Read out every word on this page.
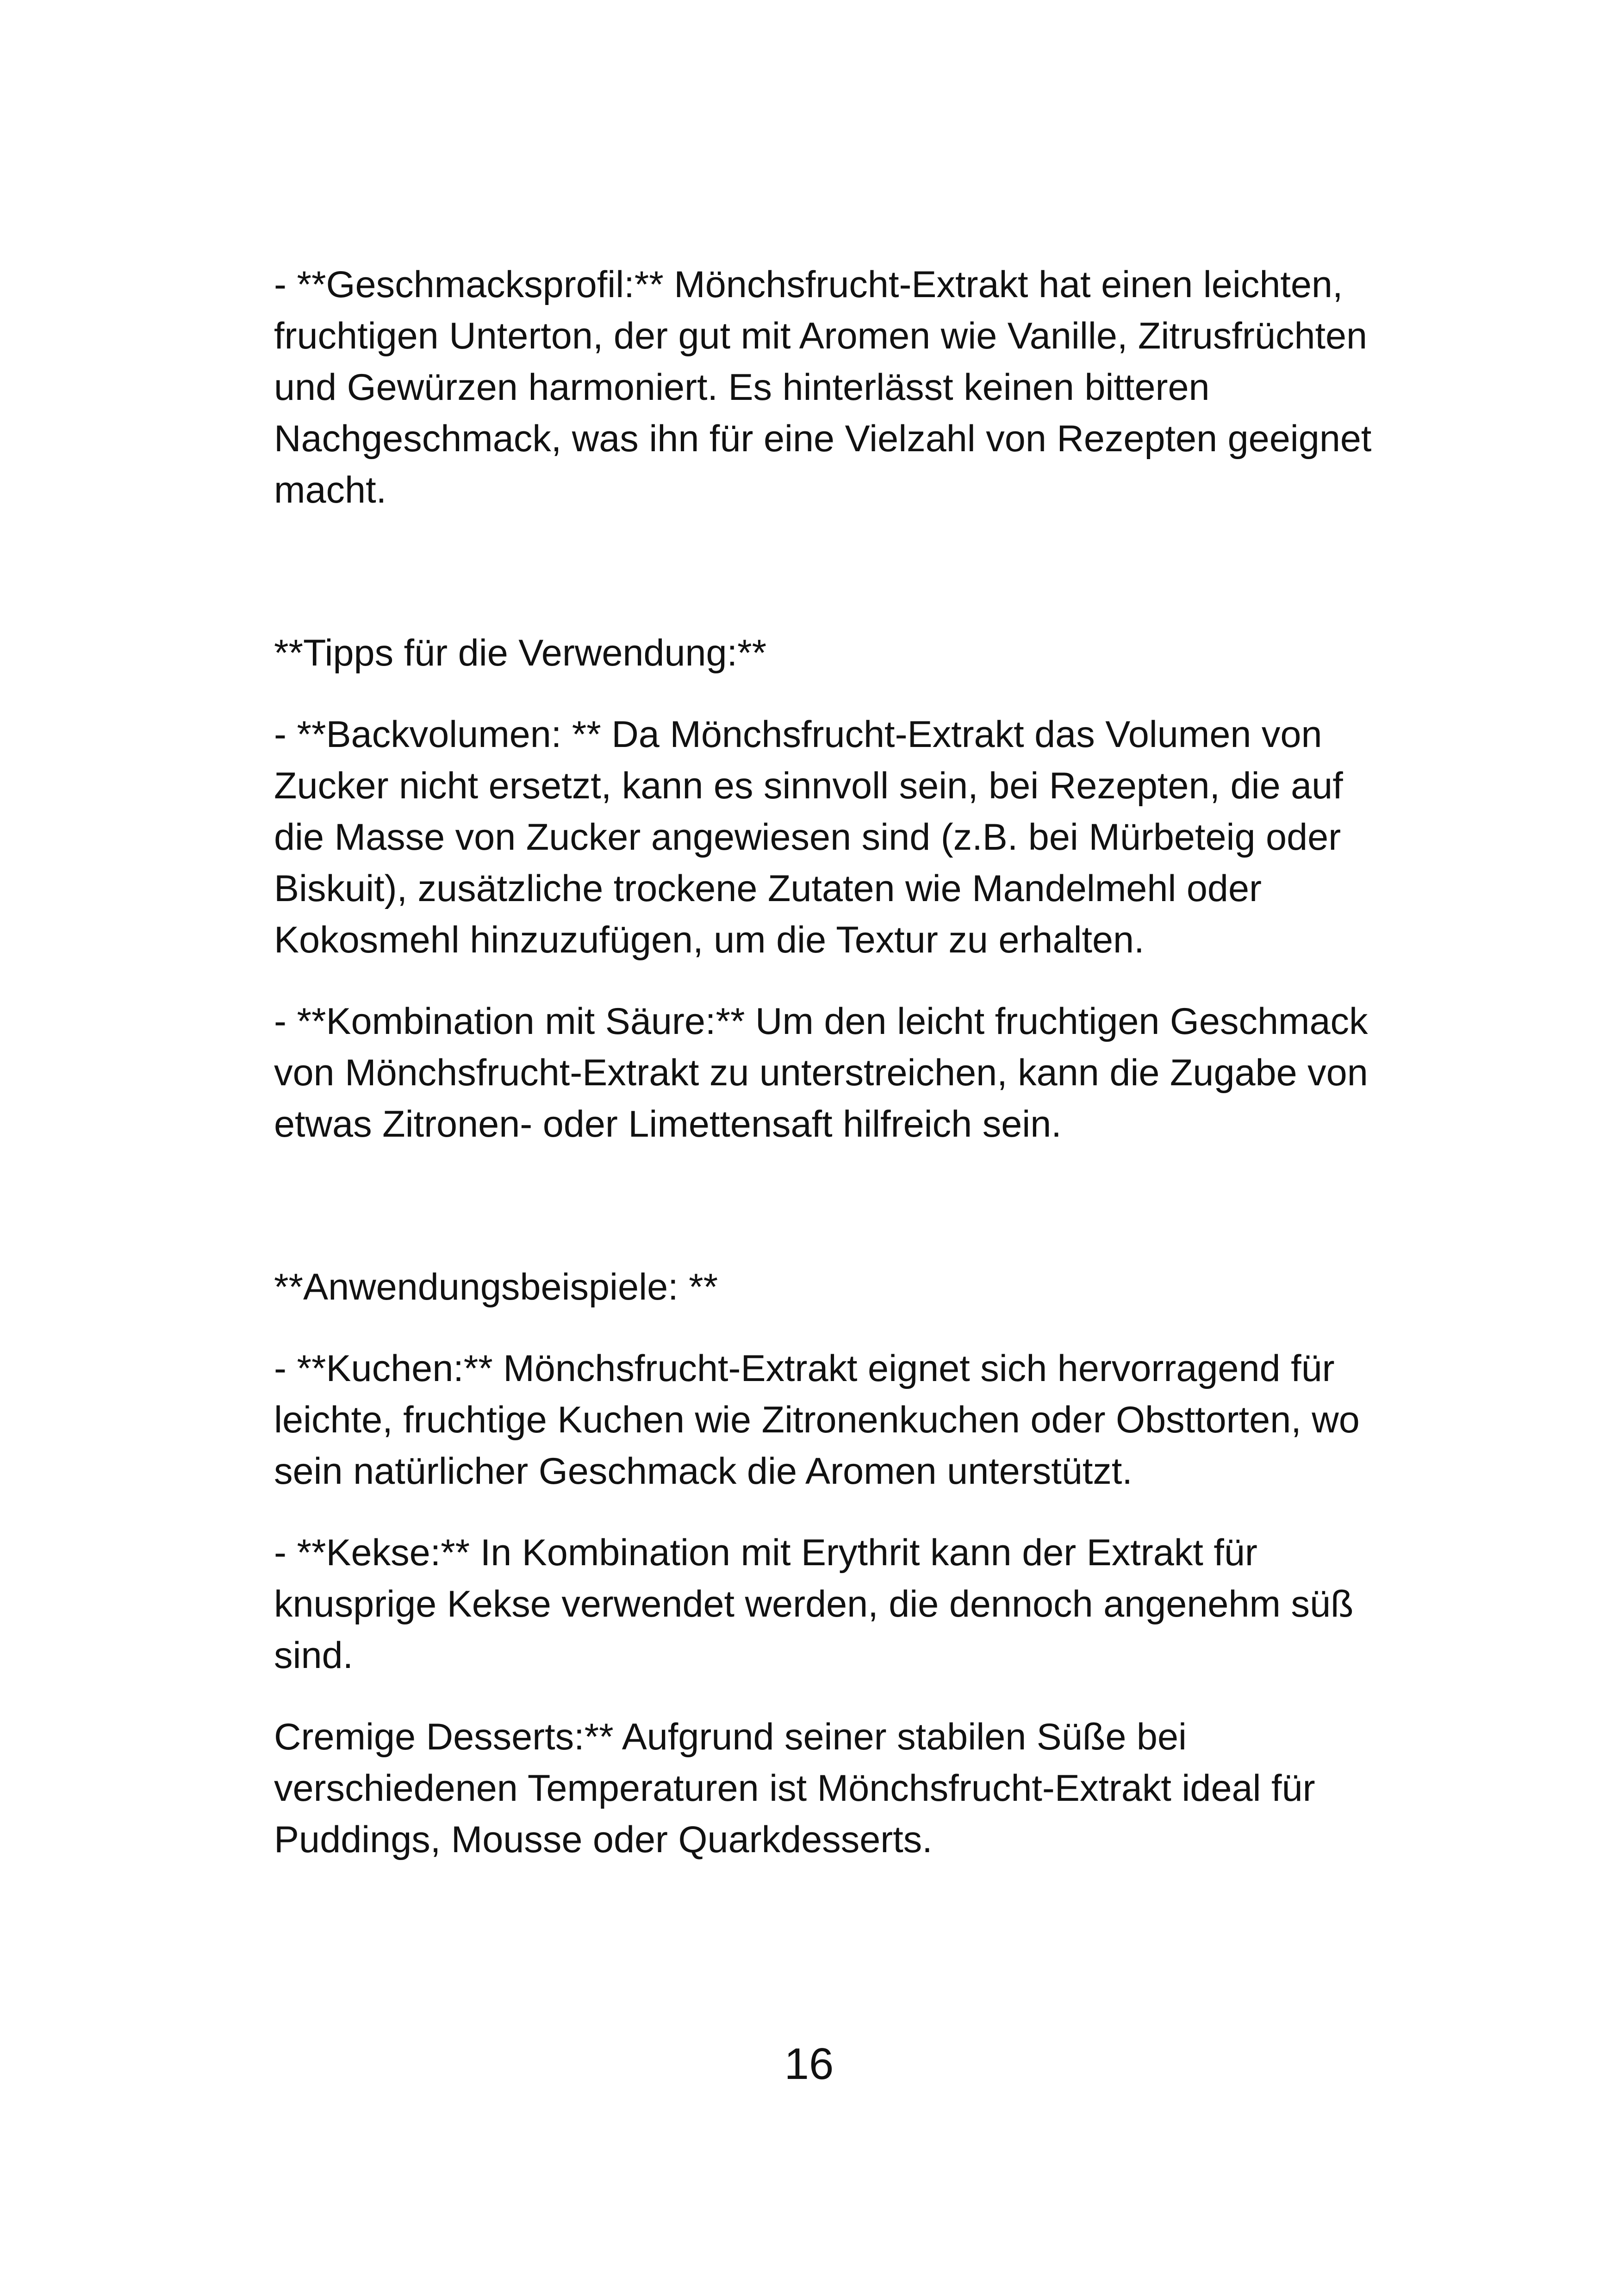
- **Geschmacksprofil:** Mönchsfrucht-Extrakt hat einen leichten, fruchtigen Unterton, der gut mit Aromen wie Vanille, Zitrusfrüchten und Gewürzen harmoniert. Es hinterlässt keinen bitteren Nachgeschmack, was ihn für eine Vielzahl von Rezepten geeignet macht.

**Tipps für die Verwendung:**

- **Backvolumen: ** Da Mönchsfrucht-Extrakt das Volumen von Zucker nicht ersetzt, kann es sinnvoll sein, bei Rezepten, die auf die Masse von Zucker angewiesen sind (z.B. bei Mürbeteig oder Biskuit), zusätzliche trockene Zutaten wie Mandelmehl oder Kokosmehl hinzuzufügen, um die Textur zu erhalten.

- **Kombination mit Säure:** Um den leicht fruchtigen Geschmack von Mönchsfrucht-Extrakt zu unterstreichen, kann die Zugabe von etwas Zitronen- oder Limettensaft hilfreich sein.

**Anwendungsbeispiele: **

- **Kuchen:** Mönchsfrucht-Extrakt eignet sich hervorragend für leichte, fruchtige Kuchen wie Zitronenkuchen oder Obsttorten, wo sein natürlicher Geschmack die Aromen unterstützt.

- **Kekse:** In Kombination mit Erythrit kann der Extrakt für knusprige Kekse verwendet werden, die dennoch angenehm süß sind.

Cremige Desserts:** Aufgrund seiner stabilen Süße bei verschiedenen Temperaturen ist Mönchsfrucht-Extrakt ideal für Puddings, Mousse oder Quarkdesserts.

16
